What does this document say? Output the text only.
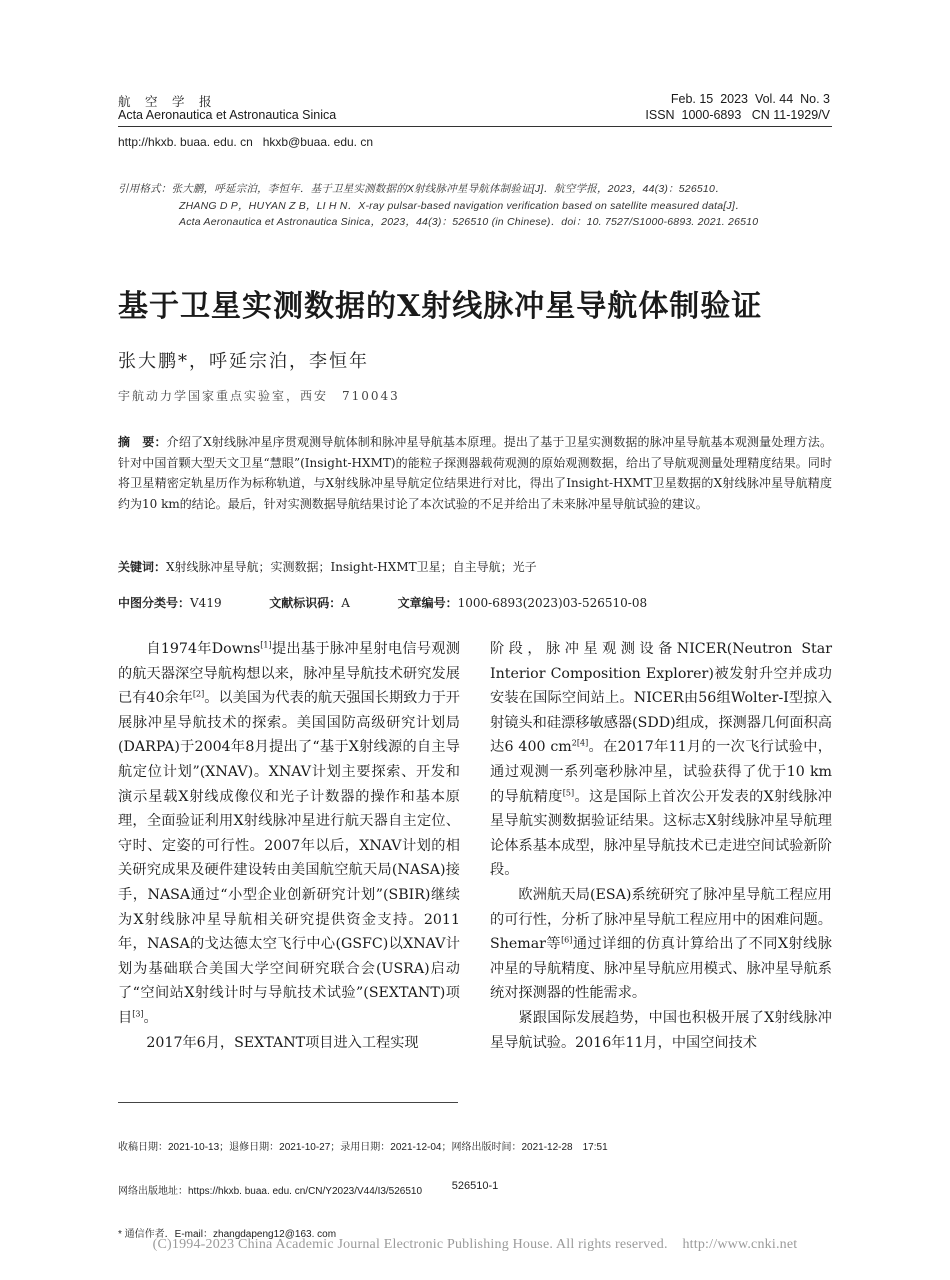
航　空　学　报
Acta Aeronautica et Astronautica Sinica
Feb. 15  2023  Vol. 44  No. 3
ISSN  1000-6893   CN 11-1929/V
http://hkxb. buaa. edu. cn   hkxb@buaa. edu. cn
引用格式：张大鹏，呼延宗泊，李恒年．基于卫星实测数据的X射线脉冲星导航体制验证[J]．航空学报，2023，44(3)：526510．
ZHANG D P，HUYAN Z B，LI H N．X-ray pulsar-based navigation verification based on satellite measured data[J]．
Acta Aeronautica et Astronautica Sinica，2023，44(3)：526510 (in Chinese)．doi：10. 7527/S1000-6893. 2021. 26510
基于卫星实测数据的X射线脉冲星导航体制验证
张大鹏*，呼延宗泊，李恒年
宇航动力学国家重点实验室，西安　710043
摘　要：介绍了X射线脉冲星序贯观测导航体制和脉冲星导航基本原理。提出了基于卫星实测数据的脉冲星导航基本观测量处理方法。针对中国首颗大型天文卫星“慧眼”(Insight-HXMT)的能粒子探测器载荷观测的原始观测数据，给出了导航观测量处理精度结果。同时将卫星精密定轨星历作为标称轨道，与X射线脉冲星导航定位结果进行对比，得出了Insight-HXMT卫星数据的X射线脉冲星导航精度约为10 km的结论。最后，针对实测数据导航结果讨论了本次试验的不足并给出了未来脉冲星导航试验的建议。
关键词：X射线脉冲星导航；实测数据；Insight-HXMT卫星；自主导航；光子
中图分类号：V419	文献标识码：A	文章编号：1000-6893(2023)03-526510-08

自1974年Downs[1]提出基于脉冲星射电信号观测的航天器深空导航构想以来，脉冲星导航技术研究发展已有40余年[2]。以美国为代表的航天强国长期致力于开展脉冲星导航技术的探索。美国国防高级研究计划局(DARPA)于2004年8月提出了“基于X射线源的自主导航定位计划”(XNAV)。XNAV计划主要探索、开发和演示星载X射线成像仪和光子计数器的操作和基本原理，全面验证利用X射线脉冲星进行航天器自主定位、守时、定姿的可行性。2007年以后，XNAV计划的相关研究成果及硬件建设转由美国航空航天局(NASA)接手，NASA通过“小型企业创新研究计划”(SBIR)继续为X射线脉冲星导航相关研究提供资金支持。2011年，NASA的戈达德太空飞行中心(GSFC)以XNAV计划为基础联合美国大学空间研究联合会(USRA)启动了“空间站X射线计时与导航技术试验”(SEXTANT)项目[3]。

2017年6月，SEXTANT项目进入工程实现

阶段，脉冲星观测设备NICER(Neutron Star Interior Composition Explorer)被发射升空并成功安装在国际空间站上。NICER由56组Wolter-I型掠入射镜头和硅漂移敏感器(SDD)组成，探测器几何面积高达6 400 $cm^{2[4]}$。在2017年11月的一次飞行试验中，通过观测一系列毫秒脉冲星，试验获得了优于10 km的导航精度[5]。这是国际上首次公开发表的X射线脉冲星导航实测数据验证结果。这标志X射线脉冲星导航理论体系基本成型，脉冲星导航技术已走进空间试验新阶段。

欧洲航天局(ESA)系统研究了脉冲星导航工程应用的可行性，分析了脉冲星导航工程应用中的困难问题。Shemar等[6]通过详细的仿真计算给出了不同X射线脉冲星的导航精度、脉冲星导航应用模式、脉冲星导航系统对探测器的性能需求。

紧跟国际发展趋势，中国也积极开展了X射线脉冲星导航试验。2016年11月，中国空间技术

收稿日期：2021-10-13；退修日期：2021-10-27；录用日期：2021-12-04；网络出版时间：2021-12-28　17:51

网络出版地址：https://hkxb. buaa. edu. cn/CN/Y2023/V44/I3/526510

* 通信作者．E-mail：zhangdapeng12@163. com

526510-1
(C)1994-2023 China Academic Journal Electronic Publishing House. All rights reserved.    http://www.cnki.net
